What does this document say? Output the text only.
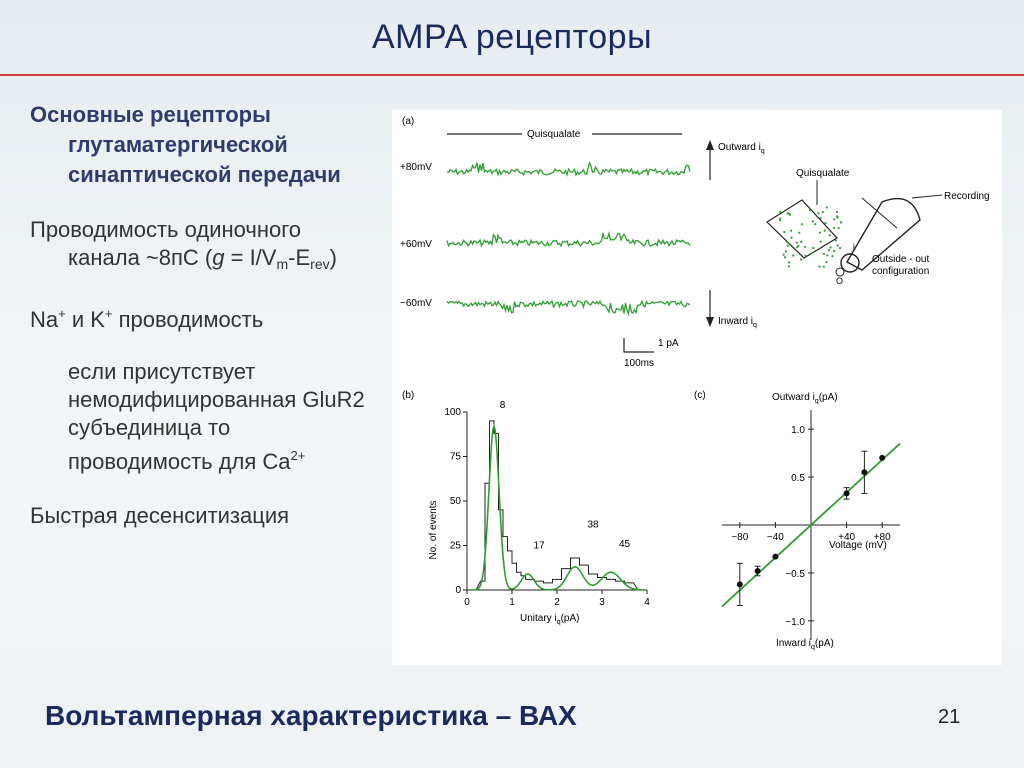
AMPA рецепторы

Основные рецепторы глутаматергической синаптической передачи

Проводимость одиночного канала ~8пС $(g = I/V_m-E_{rev})$

Na+ и K+ проводимость

если присутствует немодифицированная GluR2 субъединица то проводимость для $Ca^{2+}$

Быстрая десенситизация

(a)
Quisqualate
+80mV
+60mV
−60mV
Outward $i_q$
Inward $i_q$
1 pA
100ms
Quisqualate
Recording
i
O
Outside - out
configuration
(b)
No. of events
100
75
50
25
0
0	1	2	3	4
8
17
38
45
Unitary $i_q(pA)$
(c)	Outward $i_q(pA)$
Inward $i_q(pA)$
Voltage (mV)
1.0
0.5
−0.5
−1.0
−80 −40	+40 +80
Вольтамперная характеристика – ВАХ	21
